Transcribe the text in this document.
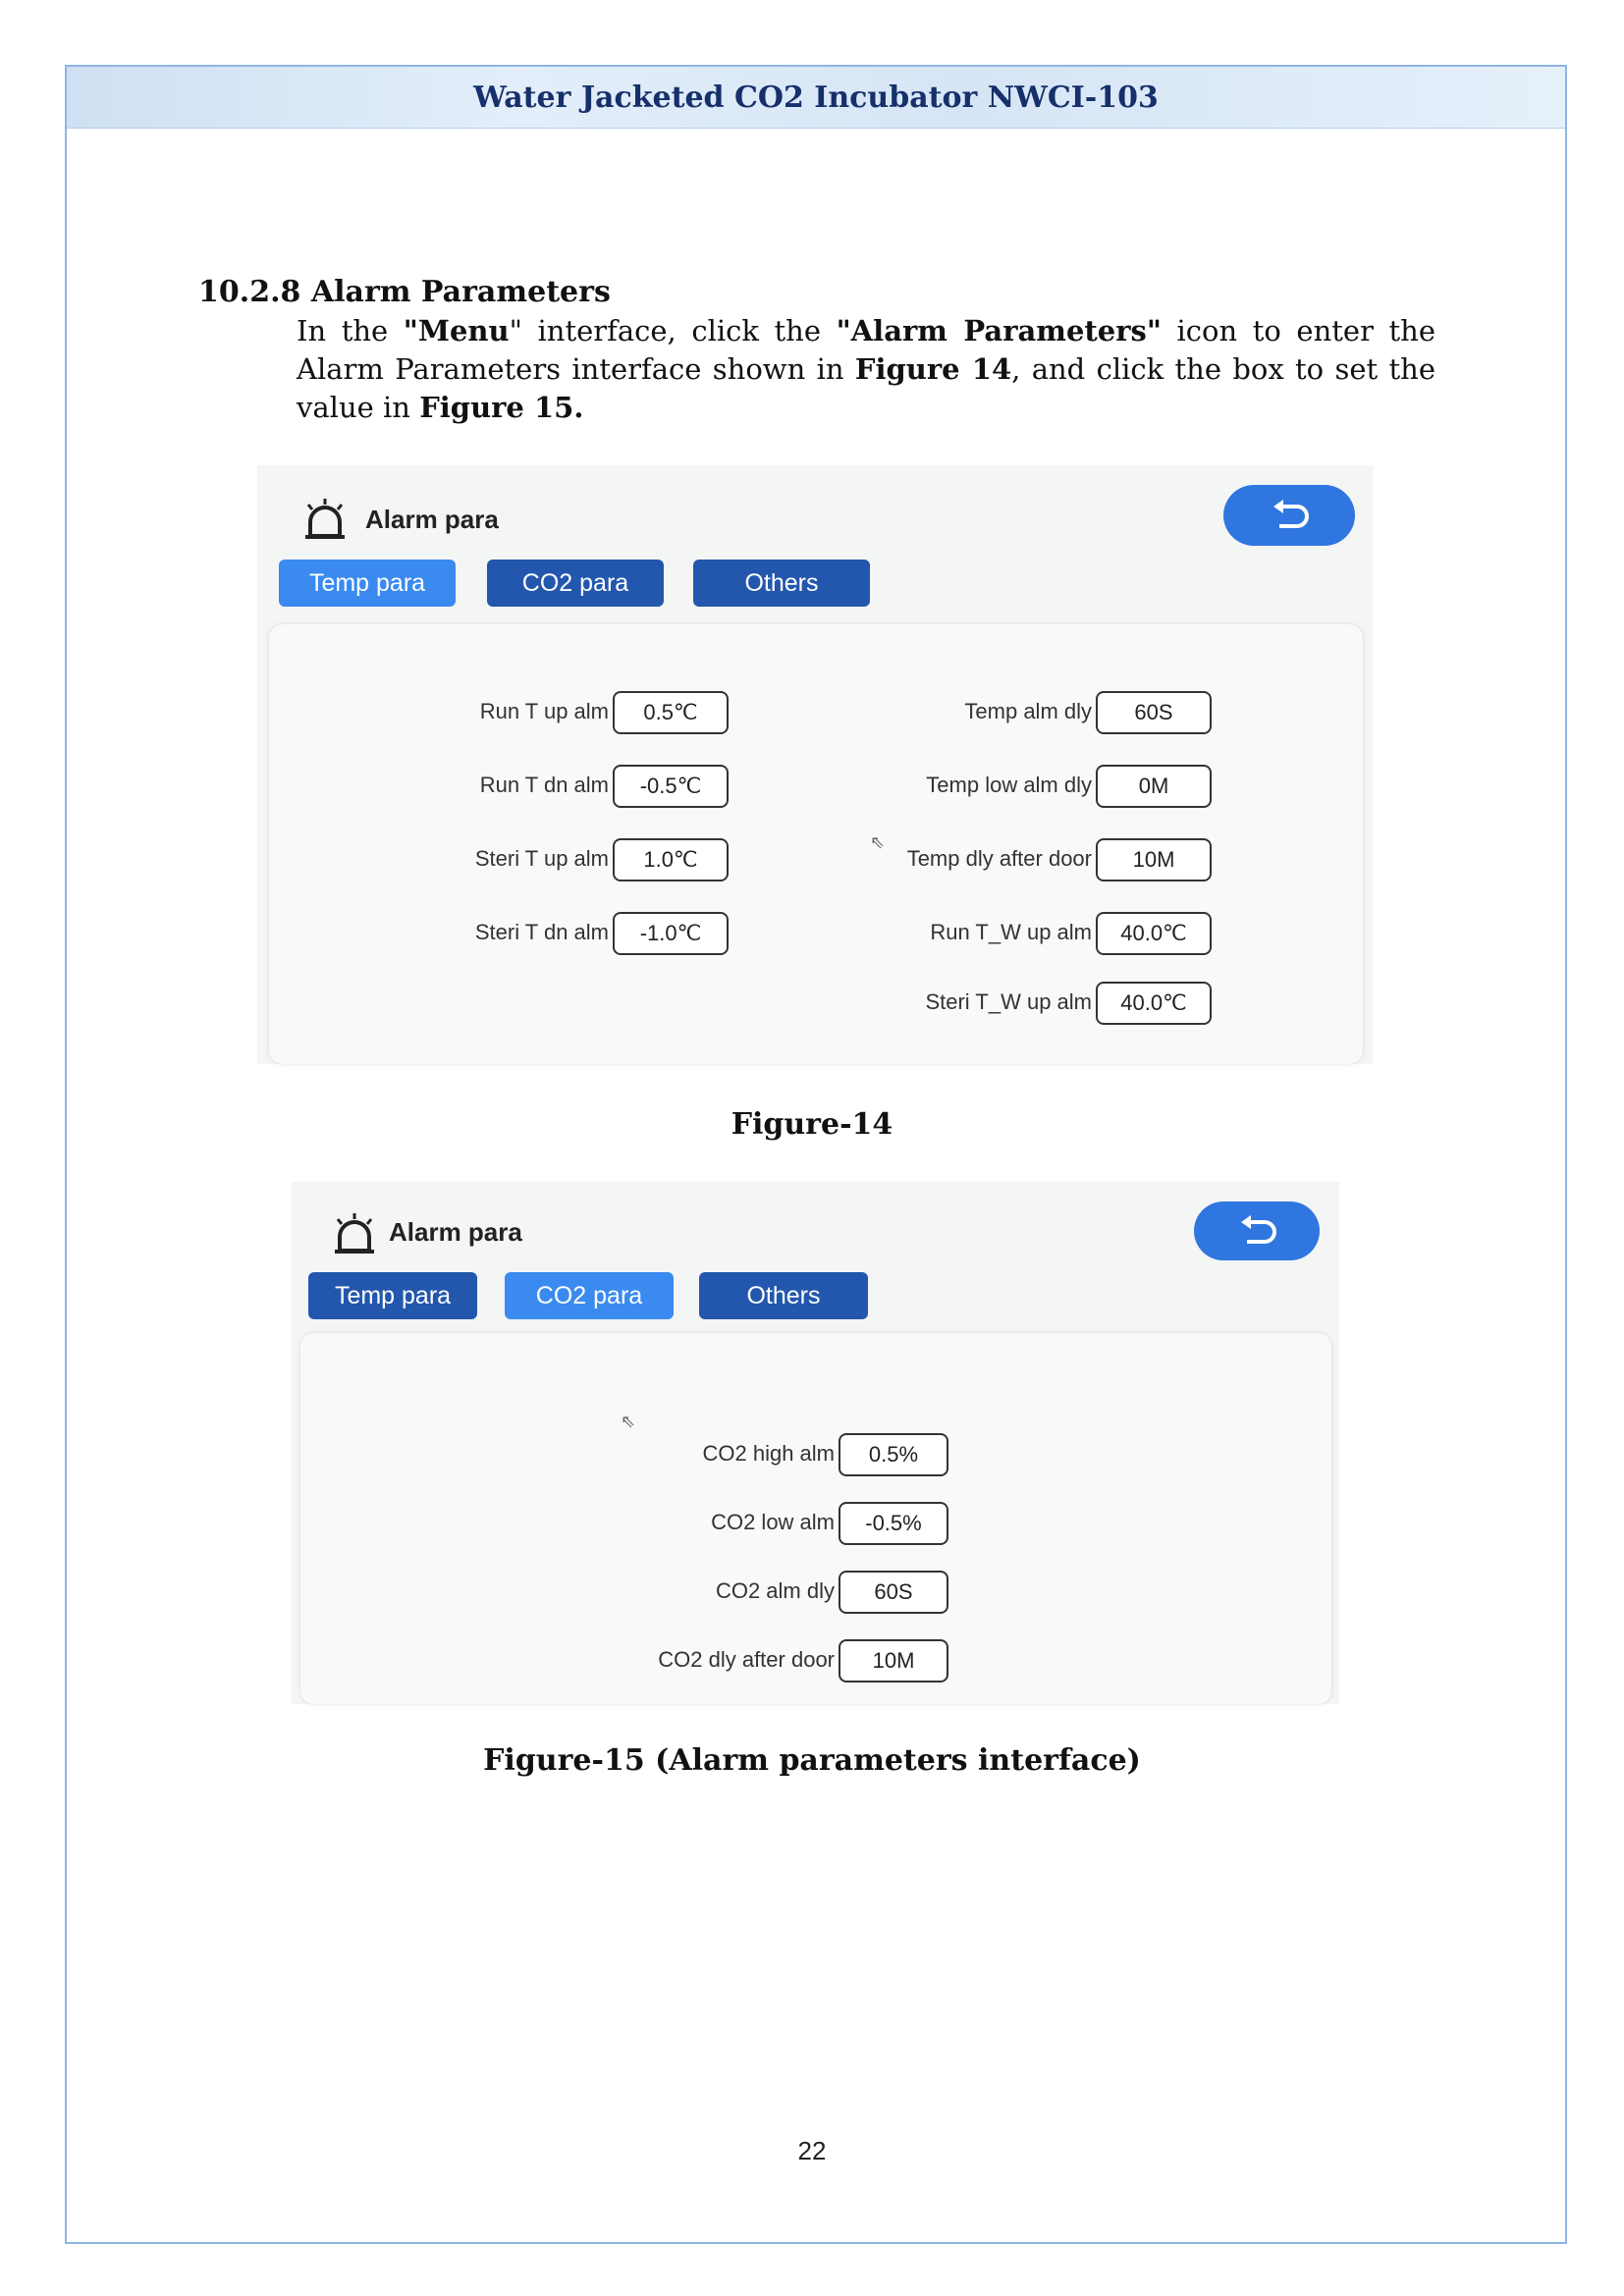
Water Jacketed CO2 Incubator NWCI-103
10.2.8 Alarm Parameters
In the "Menu" interface, click the "Alarm Parameters" icon to enter the Alarm Parameters interface shown in Figure 14, and click the box to set the value in Figure 15.
Alarm para
Temp para	CO2 para	Others
Run T up alm	0.5℃
Run T dn alm	-0.5℃
Steri T up alm	1.0℃
Steri T dn alm	-1.0℃
Temp alm dly	60S
Temp low alm dly	0M
⇖
Temp dly after door	10M
Run T_W up alm	40.0℃
Steri T_W up alm	40.0℃
Figure-14
Alarm para
Temp para	CO2 para	Others
⇖
CO2 high alm	0.5%
CO2 low alm	-0.5%
CO2 alm dly	60S
CO2 dly after door	10M
Figure-15 (Alarm parameters interface)
22
